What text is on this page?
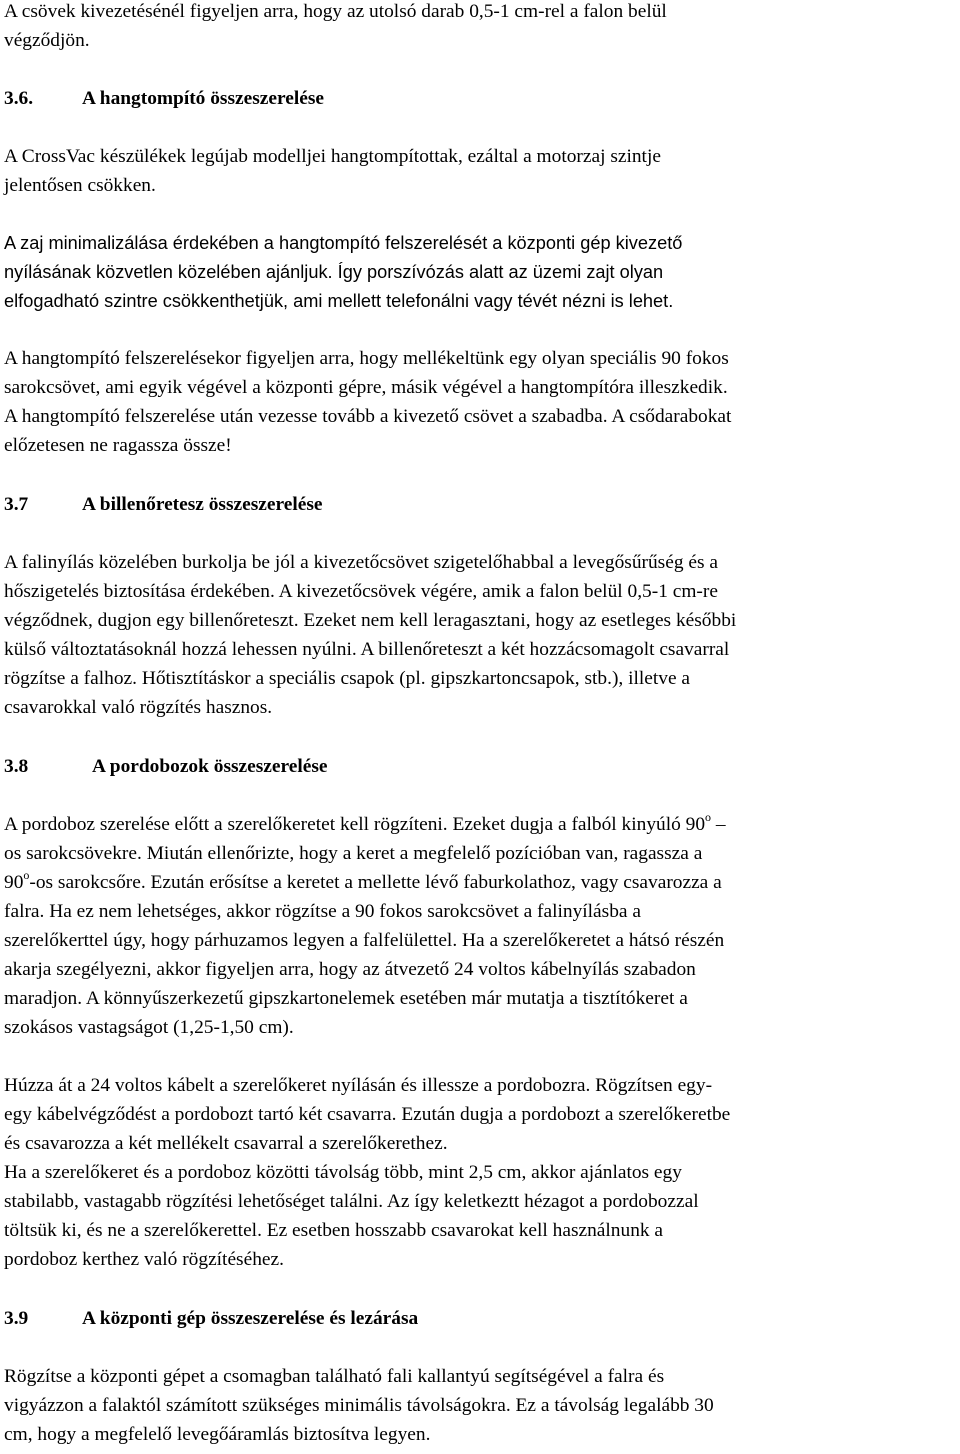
A csövek kivezetésénél figyeljen arra, hogy az utolsó darab 0,5-1 cm-rel a falon belül
végződjön.
3.6.	A hangtompító összeszerelése
A CrossVac készülékek legújab modelljei hangtompítottak, ezáltal a motorzaj szintje
jelentősen csökken.
A zaj minimalizálása érdekében a hangtompító felszerelését a központi gép kivezető
nyílásának közvetlen közelében ajánljuk. Így porszívózás alatt az üzemi zajt olyan
elfogadható szintre csökkenthetjük, ami mellett telefonálni vagy tévét nézni is lehet.
A hangtompító felszerelésekor figyeljen arra, hogy mellékeltünk egy olyan speciális 90 fokos
sarokcsövet, ami egyik végével a központi gépre, másik végével a hangtompítóra illeszkedik.
A hangtompító felszerelése után vezesse tovább a kivezető csövet a szabadba. A csődarabokat
előzetesen ne ragassza össze!
3.7	A billenőretesz összeszerelése
A falinyílás közelében burkolja be jól a kivezetőcsövet szigetelőhabbal a levegősűrűség és a
hőszigetelés biztosítása érdekében. A kivezetőcsövek végére, amik a falon belül 0,5-1 cm-re
végződnek, dugjon egy billenőreteszt. Ezeket nem kell leragasztani, hogy az esetleges későbbi
külső változtatásoknál hozzá lehessen nyúlni. A billenőreteszt a két hozzácsomagolt csavarral
rögzítse a falhoz. Hőtisztításkor a speciális csapok (pl. gipszkartoncsapok, stb.), illetve a
csavarokkal való rögzítés hasznos.
3.8	A pordobozok összeszerelése
A pordoboz szerelése előtt a szerelőkeretet kell rögzíteni. Ezeket dugja a falból kinyúló 90$^o$ –
os sarokcsövekre. Miután ellenőrizte, hogy a keret a megfelelő pozícióban van, ragassza a
90$^o$-os sarokcsőre. Ezután erősítse a keretet a mellette lévő faburkolathoz, vagy csavarozza a
falra. Ha ez nem lehetséges, akkor rögzítse a 90 fokos sarokcsövet a falinyílásba a
szerelőkerttel úgy, hogy párhuzamos legyen a falfelülettel. Ha a szerelőkeretet a hátsó részén
akarja szegélyezni, akkor figyeljen arra, hogy az átvezető 24 voltos kábelnyílás szabadon
maradjon. A könnyűszerkezetű gipszkartonelemek esetében már mutatja a tisztítókeret a
szokásos vastagságot (1,25-1,50 cm).
Húzza át a 24 voltos kábelt a szerelőkeret nyílásán és illessze a pordobozra. Rögzítsen egy-
egy kábelvégződést a pordobozt tartó két csavarra. Ezután dugja a pordobozt a szerelőkeretbe
és csavarozza a két mellékelt csavarral a szerelőkerethez.
Ha a szerelőkeret és a pordoboz közötti távolság több, mint 2,5 cm, akkor ajánlatos egy
stabilabb, vastagabb rögzítési lehetőséget találni. Az így keletkeztt hézagot a pordobozzal
töltsük ki, és ne a szerelőkerettel. Ez esetben hosszabb csavarokat kell használnunk a
pordoboz kerthez való rögzítéséhez.
3.9	A központi gép összeszerelése és lezárása
Rögzítse a központi gépet a csomagban található fali kallantyú segítségével a falra és
vigyázzon a falaktól számított szükséges minimális távolságokra. Ez a távolság legalább 30
cm, hogy a megfelelő levegőáramlás biztosítva legyen.
